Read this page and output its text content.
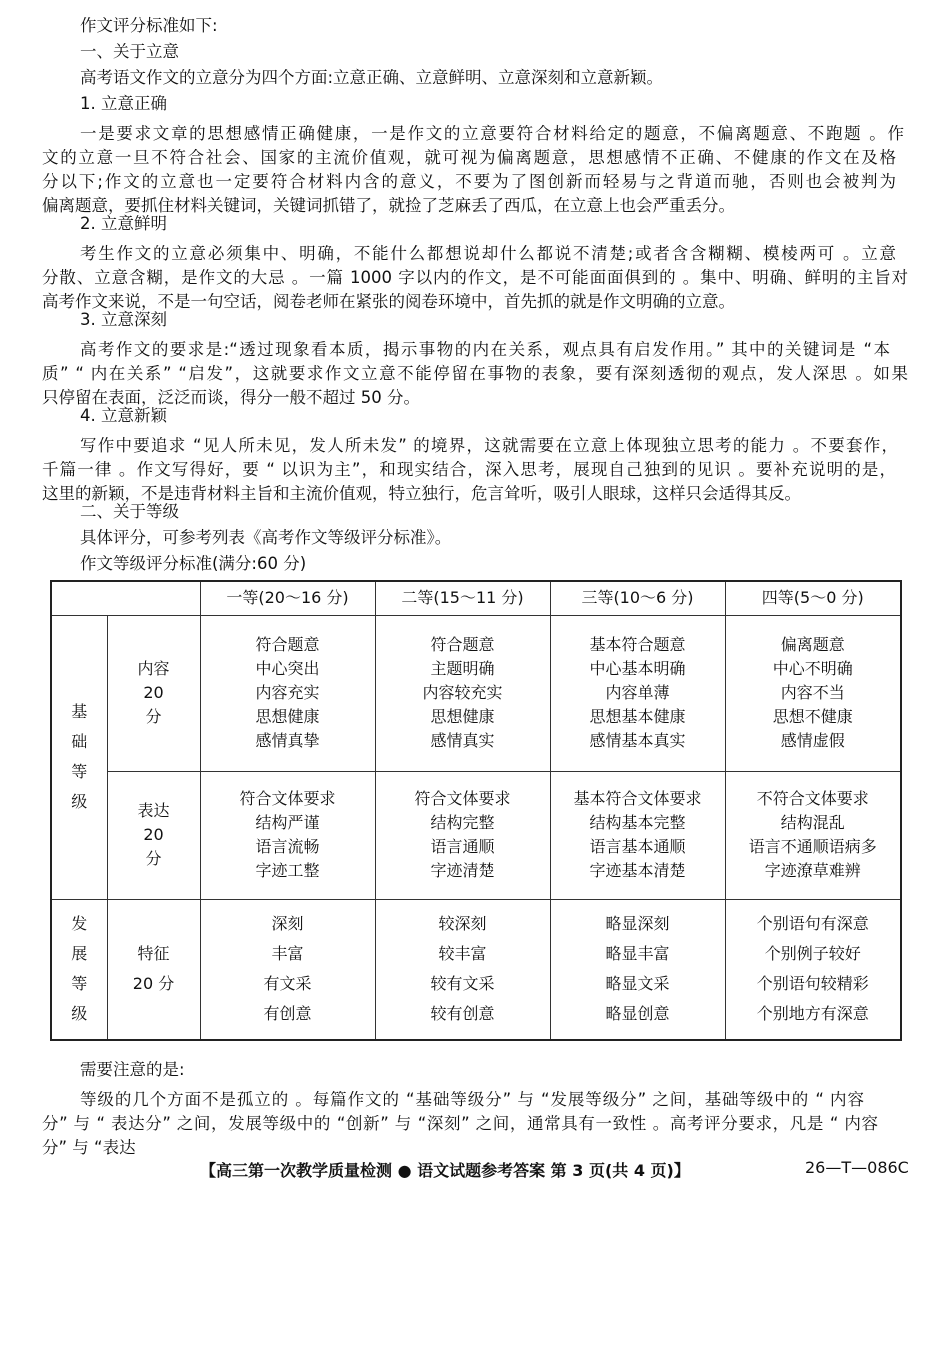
作文评分标准如下:
一、关于立意
高考语文作文的立意分为四个方面:立意正确、立意鲜明、立意深刻和立意新颖。
1. 立意正确
一是要求文章的思想感情正确健康，一是作文的立意要符合材料给定的题意，不偏离题意、不跑题 。作
文的立意一旦不符合社会、国家的主流价值观，就可视为偏离题意，思想感情不正确、不健康的作文在及格
分以下;作文的立意也一定要符合材料内含的意义，不要为了图创新而轻易与之背道而驰，否则也会被判为
偏离题意，要抓住材料关键词，关键词抓错了，就捡了芝麻丢了西瓜，在立意上也会严重丢分。
2. 立意鲜明
考生作文的立意必须集中、明确，不能什么都想说却什么都说不清楚;或者含含糊糊、模棱两可 。立意
分散、立意含糊，是作文的大忌 。一篇 1000 字以内的作文，是不可能面面俱到的 。集中、明确、鲜明的主旨对
高考作文来说，不是一句空话，阅卷老师在紧张的阅卷环境中，首先抓的就是作文明确的立意。
3. 立意深刻
高考作文的要求是:“透过现象看本质，揭示事物的内在关系，观点具有启发作用。” 其中的关键词是 “本
质” “ 内在关系” “启发”，这就要求作文立意不能停留在事物的表象，要有深刻透彻的观点，发人深思 。如果
只停留在表面，泛泛而谈，得分一般不超过 50 分。
4. 立意新颖
写作中要追求 “见人所未见，发人所未发” 的境界，这就需要在立意上体现独立思考的能力 。不要套作，
千篇一律 。作文写得好，要 “ 以识为主”，和现实结合，深入思考，展现自己独到的见识 。要补充说明的是，
这里的新颖，不是违背材料主旨和主流价值观，特立独行，危言耸听，吸引人眼球，这样只会适得其反。
二、关于等级
具体评分，可参考列表《高考作文等级评分标准》。
作文等级评分标准(满分:60 分)
		一等(20～16 分)	二等(15～11 分)	三等(10～6 分)	四等(5～0 分)

基
础
等
级	内容
20
分	符合题意
中心突出
内容充实
思想健康
感情真挚	符合题意
主题明确
内容较充实
思想健康
感情真实	基本符合题意
中心基本明确
内容单薄
思想基本健康
感情基本真实	偏离题意
中心不明确
内容不当
思想不健康
感情虚假

	表达
20
分	符合文体要求
结构严谨
语言流畅
字迹工整	符合文体要求
结构完整
语言通顺
字迹清楚	基本符合文体要求
结构基本完整
语言基本通顺
字迹基本清楚	不符合文体要求
结构混乱
语言不通顺语病多
字迹潦草难辨

发
展
等
级	特征
20 分	深刻
丰富
有文采
有创意	较深刻
较丰富
较有文采
较有创意	略显深刻
略显丰富
略显文采
略显创意	个别语句有深意
个别例子较好
个别语句较精彩
个别地方有深意
需要注意的是:
等级的几个方面不是孤立的 。每篇作文的 “基础等级分” 与 “发展等级分” 之间，基础等级中的 “ 内容
分” 与 “ 表达分” 之间，发展等级中的 “创新” 与 “深刻” 之间，通常具有一致性 。高考评分要求，凡是 “ 内容
分” 与 “表达
【高三第一次教学质量检测 ● 语文试题参考答案 第 3 页(共 4 页)】	26—T—086C
